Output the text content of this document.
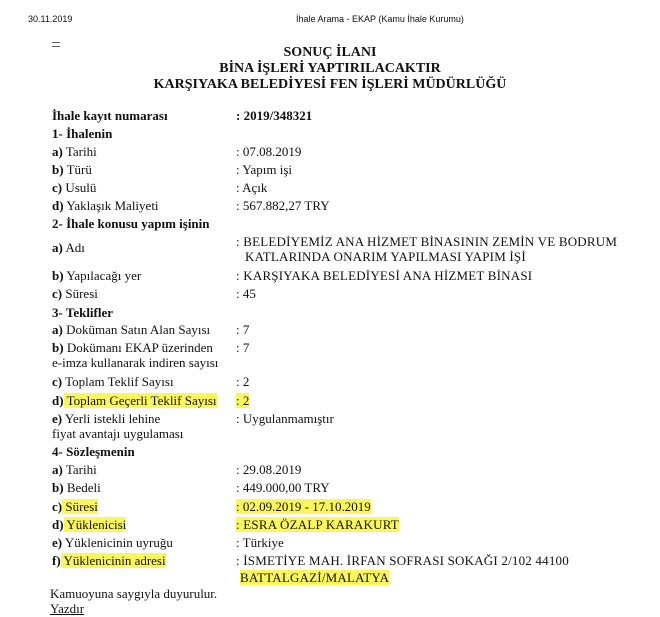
30.11.2019	İhale Arama - EKAP (Kamu İhale Kurumu)
SONUÇ İLANI
BİNA İŞLERİ YAPTIRILACAKTIR
KARŞIYAKA BELEDİYESİ FEN İŞLERİ MÜDÜRLÜĞÜ
İhale kayıt numarası	: 2019/348321
1- İhalenin
a) Tarihi	: 07.08.2019
b) Türü	: Yapım işi
c) Usulü	: Açık
d) Yaklaşık Maliyeti	: 567.882,27 TRY
2- İhale konusu yapım işinin
a) Adı	: BELEDİYEMİZ ANA HİZMET BİNASININ ZEMİN VE BODRUM
KATLARINDA ONARIM YAPILMASI YAPIM İŞİ
b) Yapılacağı yer	: KARŞIYAKA BELEDİYESİ ANA HİZMET BİNASI
c) Süresi	: 45
3- Teklifler
a) Doküman Satın Alan Sayısı : 7
b) Dokümanı EKAP üzerinden
e-imza kullanarak indiren sayısı
: 7
c) Toplam Teklif Sayısı	: 2
d) Toplam Geçerli Teklif Sayısı : 2
e) Yerli istekli lehine
fiyat avantajı uygulaması
: Uygulanmamıştır
4- Sözleşmenin
a) Tarihi	: 29.08.2019
b) Bedeli	: 449.000,00 TRY
c) Süresi	: 02.09.2019 - 17.10.2019
d) Yüklenicisi	: ESRA ÖZALP KARAKURT
e) Yüklenicinin uyruğu	: Türkiye
f) Yüklenicinin adresi	: İSMETİYE MAH. İRFAN SOFRASI SOKAĞI 2/102 44100
BATTALGAZİ/MALATYA
Kamuoyuna saygıyla duyurulur.
Yazdır
